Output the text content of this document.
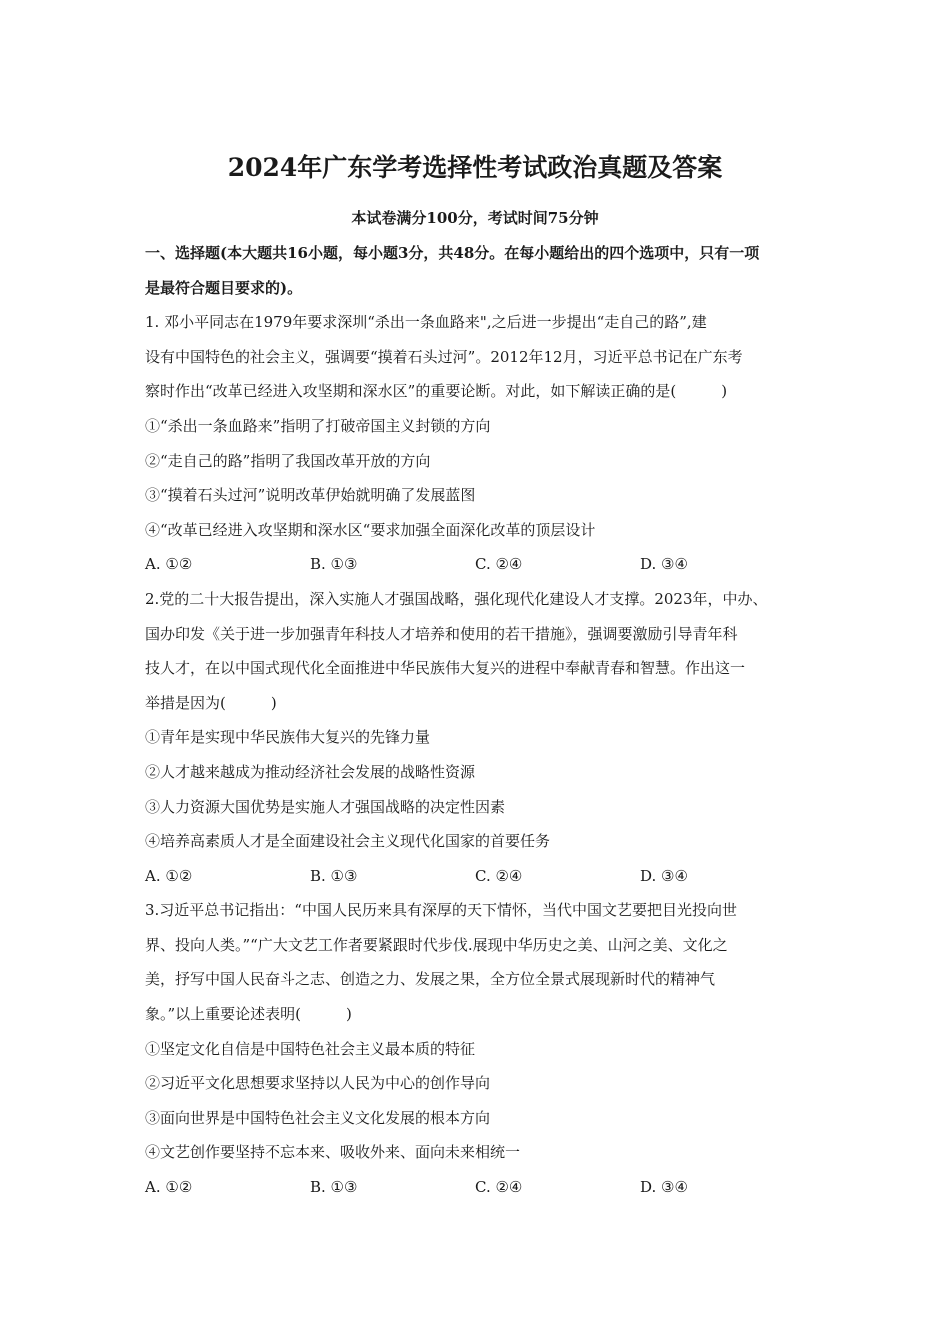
2024年广东学考选择性考试政治真题及答案
本试卷满分100分，考试时间75分钟
一、选择题(本大题共16小题，每小题3分，共48分。在每小题给出的四个选项中，只有一项
是最符合题目要求的)。
1. 邓小平同志在1979年要求深圳“杀出一条血路来",之后进一步提出“走自己的路”,建
设有中国特色的社会主义，强调要“摸着石头过河”。2012年12月，习近平总书记在广东考
察时作出“改革已经进入攻坚期和深水区”的重要论断。对此，如下解读正确的是(　　　)
①“杀出一条血路来”指明了打破帝国主义封锁的方向
②“走自己的路”指明了我国改革开放的方向
③“摸着石头过河”说明改革伊始就明确了发展蓝图
④“改革已经进入攻坚期和深水区“要求加强全面深化改革的顶层设计
A. ①②	B. ①③	C. ②④	D. ③④
2.党的二十大报告提出，深入实施人才强国战略，强化现代化建设人才支撑。2023年，中办、
国办印发《关于进一步加强青年科技人才培养和使用的若干措施》，强调要激励引导青年科
技人才，在以中国式现代化全面推进中华民族伟大复兴的进程中奉献青春和智慧。作出这一
举措是因为(　　　)
①青年是实现中华民族伟大复兴的先锋力量
②人才越来越成为推动经济社会发展的战略性资源
③人力资源大国优势是实施人才强国战略的决定性因素
④培养高素质人才是全面建设社会主义现代化国家的首要任务
A. ①②	B. ①③	C. ②④	D. ③④
3.习近平总书记指出：“中国人民历来具有深厚的天下情怀，当代中国文艺要把目光投向世
界、投向人类。”“广大文艺工作者要紧跟时代步伐.展现中华历史之美、山河之美、文化之
美，抒写中国人民奋斗之志、创造之力、发展之果，全方位全景式展现新时代的精神气
象。”以上重要论述表明(　　　)
①坚定文化自信是中国特色社会主义最本质的特征
②习近平文化思想要求坚持以人民为中心的创作导向
③面向世界是中国特色社会主义文化发展的根本方向
④文艺创作要坚持不忘本来、吸收外来、面向未来相统一
A. ①②	B. ①③	C. ②④	D. ③④
